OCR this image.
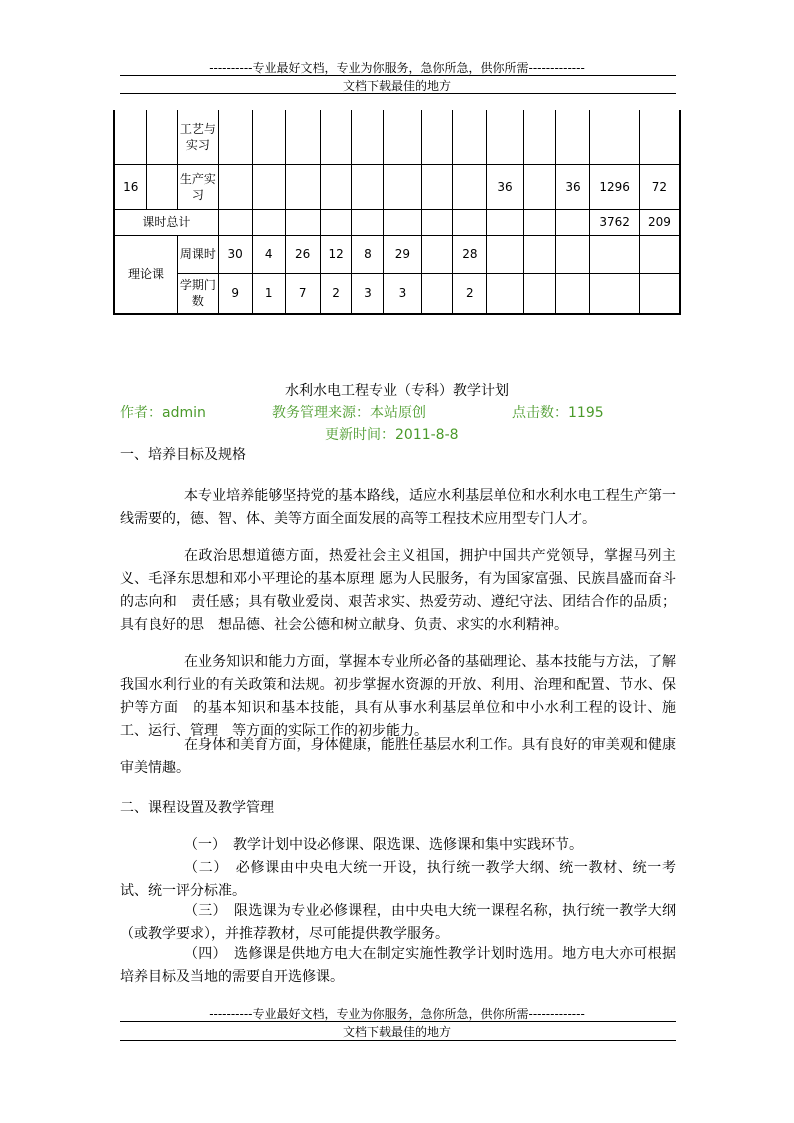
----------专业最好文档，专业为你服务，急你所急，供你所需-------------
文档下载最佳的地方
		工艺与实习													
16		生产实习									36		36	1296	72
课时总计														3762	209
理论课		周课时	30	4	26	12	8	29		28					
		学期门数	9	1	7	2	3	3		2					
水利水电工程专业（专科）教学计划
作者：admin	教务管理来源：本站原创	点击数：1195
更新时间：2011-8-8
一、培养目标及规格
本专业培养能够坚持党的基本路线，适应水利基层单位和水利水电工程生产第一线需要的，德、智、体、美等方面全面发展的高等工程技术应用型专门人才。
在政治思想道德方面，热爱社会主义祖国，拥护中国共产党领导，掌握马列主义、毛泽东思想和邓小平理论的基本原理 愿为人民服务，有为国家富强、民族昌盛而奋斗的志向和　责任感；具有敬业爱岗、艰苦求实、热爱劳动、遵纪守法、团结合作的品质；具有良好的思　想品德、社会公德和树立献身、负责、求实的水利精神。
在业务知识和能力方面，掌握本专业所必备的基础理论、基本技能与方法，了解我国水利行业的有关政策和法规。初步掌握水资源的开放、利用、治理和配置、节水、保护等方面　的基本知识和基本技能，具有从事水利基层单位和中小水利工程的设计、施工、运行、管理　等方面的实际工作的初步能力。
在身体和美育方面，身体健康，能胜任基层水利工作。具有良好的审美观和健康审美情趣。
二、课程设置及教学管理
（一）　教学计划中设必修课、限选课、选修课和集中实践环节。
（二）　必修课由中央电大统一开设，执行统一教学大纲、统一教材、统一考试、统一评分标准。
（三）　限选课为专业必修课程，由中央电大统一课程名称，执行统一教学大纲（或教学要求），并推荐教材，尽可能提供教学服务。
（四）　选修课是供地方电大在制定实施性教学计划时选用。地方电大亦可根据培养目标及当地的需要自开选修课。
----------专业最好文档，专业为你服务，急你所急，供你所需-------------
文档下载最佳的地方
